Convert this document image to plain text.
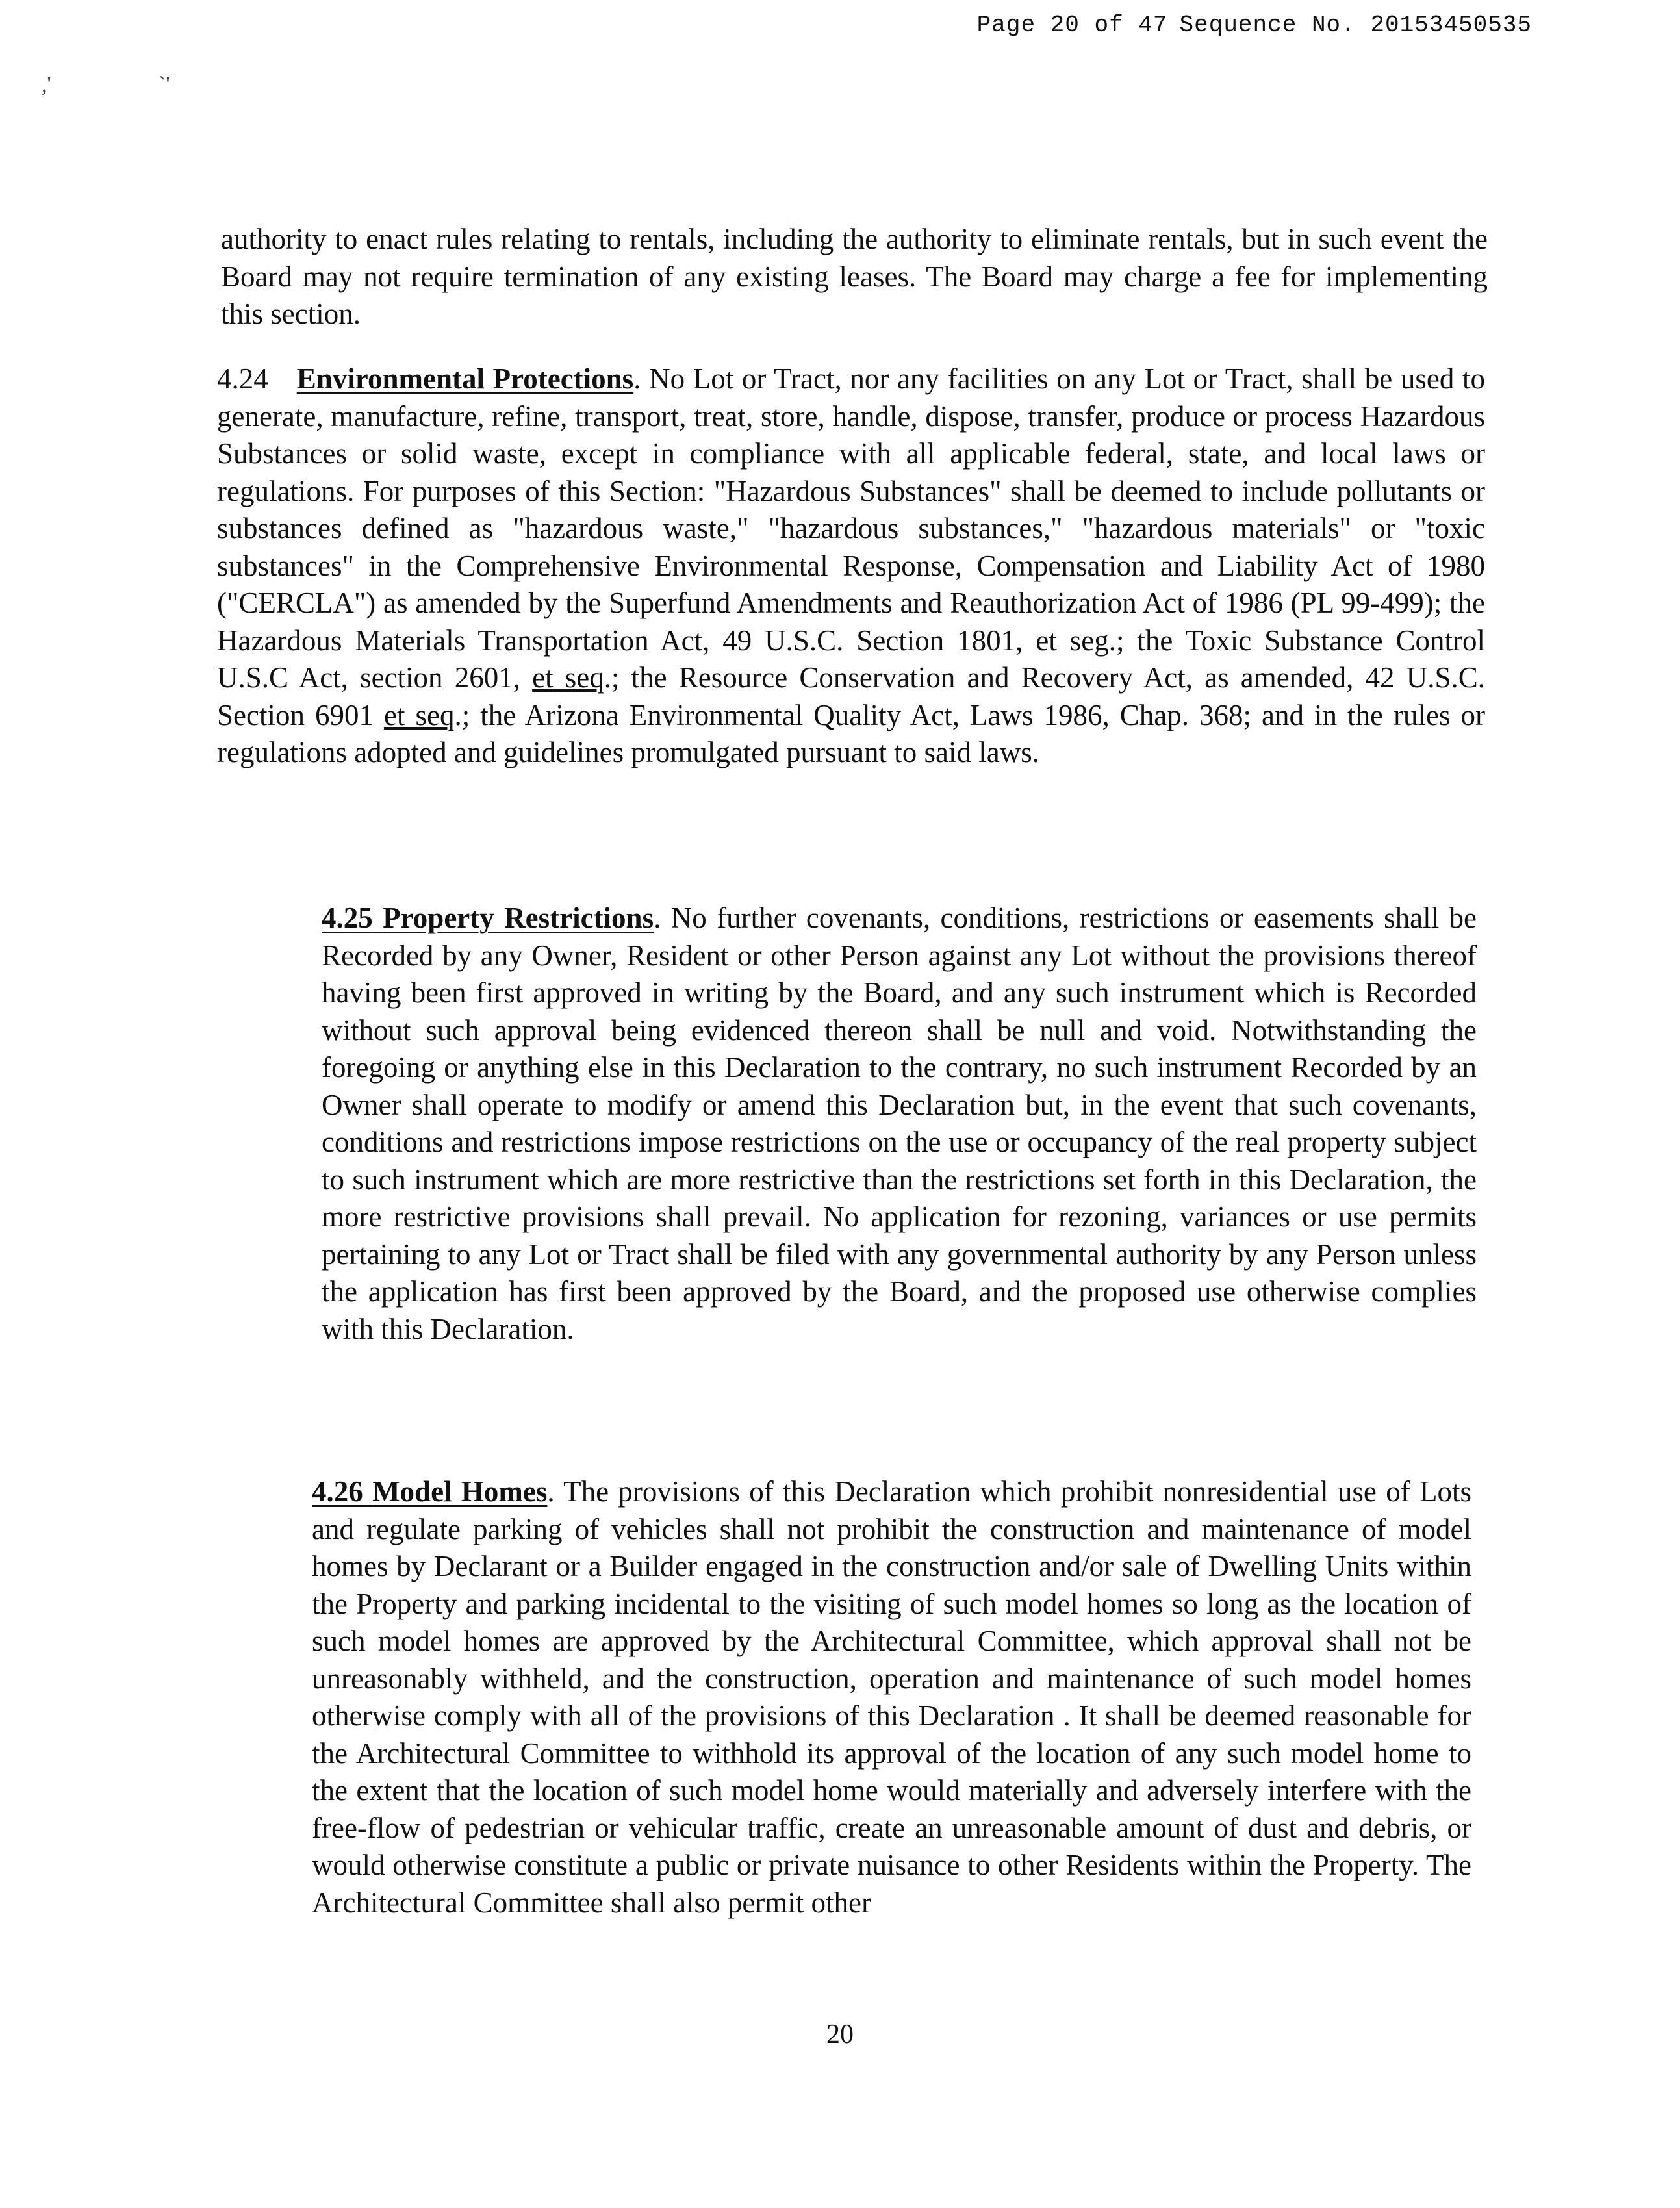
Page 20 of 47 Sequence No. 20153450535
,'	`'

authority to enact rules relating to rentals, including the authority to eliminate rentals, but in such event the Board may not require termination of any existing leases. The Board may charge a fee for implementing this section.

4.24 Environmental Protections. No Lot or Tract, nor any facilities on any Lot or Tract, shall be used to generate, manufacture, refine, transport, treat, store, handle, dispose, transfer, produce or process Hazardous Substances or solid waste, except in compliance with all applicable federal, state, and local laws or regulations. For purposes of this Section: "Hazardous Substances" shall be deemed to include pollutants or substances defined as "hazardous waste," "hazardous substances," "hazardous materials" or "toxic substances" in the Comprehensive Environmental Response, Compensation and Liability Act of 1980 ("CERCLA") as amended by the Superfund Amendments and Reauthorization Act of 1986 (PL 99-499); the Hazardous Materials Transportation Act, 49 U.S.C. Section 1801, et seg.; the Toxic Substance Control U.S.C Act, section 2601, et seq.; the Resource Conservation and Recovery Act, as amended, 42 U.S.C. Section 6901 et seq.; the Arizona Environmental Quality Act, Laws 1986, Chap. 368; and in the rules or regulations adopted and guidelines promulgated pursuant to said laws.

4.25 Property Restrictions. No further covenants, conditions, restrictions or easements shall be Recorded by any Owner, Resident or other Person against any Lot without the provisions thereof having been first approved in writing by the Board, and any such instrument which is Recorded without such approval being evidenced thereon shall be null and void. Notwithstanding the foregoing or anything else in this Declaration to the contrary, no such instrument Recorded by an Owner shall operate to modify or amend this Declaration but, in the event that such covenants, conditions and restrictions impose restrictions on the use or occupancy of the real property subject to such instrument which are more restrictive than the restrictions set forth in this Declaration, the more restrictive provisions shall prevail. No application for rezoning, variances or use permits pertaining to any Lot or Tract shall be filed with any governmental authority by any Person unless the application has first been approved by the Board, and the proposed use otherwise complies with this Declaration.

4.26 Model Homes. The provisions of this Declaration which prohibit nonresidential use of Lots and regulate parking of vehicles shall not prohibit the construction and maintenance of model homes by Declarant or a Builder engaged in the construction and/or sale of Dwelling Units within the Property and parking incidental to the visiting of such model homes so long as the location of such model homes are approved by the Architectural Committee, which approval shall not be unreasonably withheld, and the construction, operation and maintenance of such model homes otherwise comply with all of the provisions of this Declaration . It shall be deemed reasonable for the Architectural Committee to withhold its approval of the location of any such model home to the extent that the location of such model home would materially and adversely interfere with the free-flow of pedestrian or vehicular traffic, create an unreasonable amount of dust and debris, or would otherwise constitute a public or private nuisance to other Residents within the Property. The Architectural Committee shall also permit other

20
